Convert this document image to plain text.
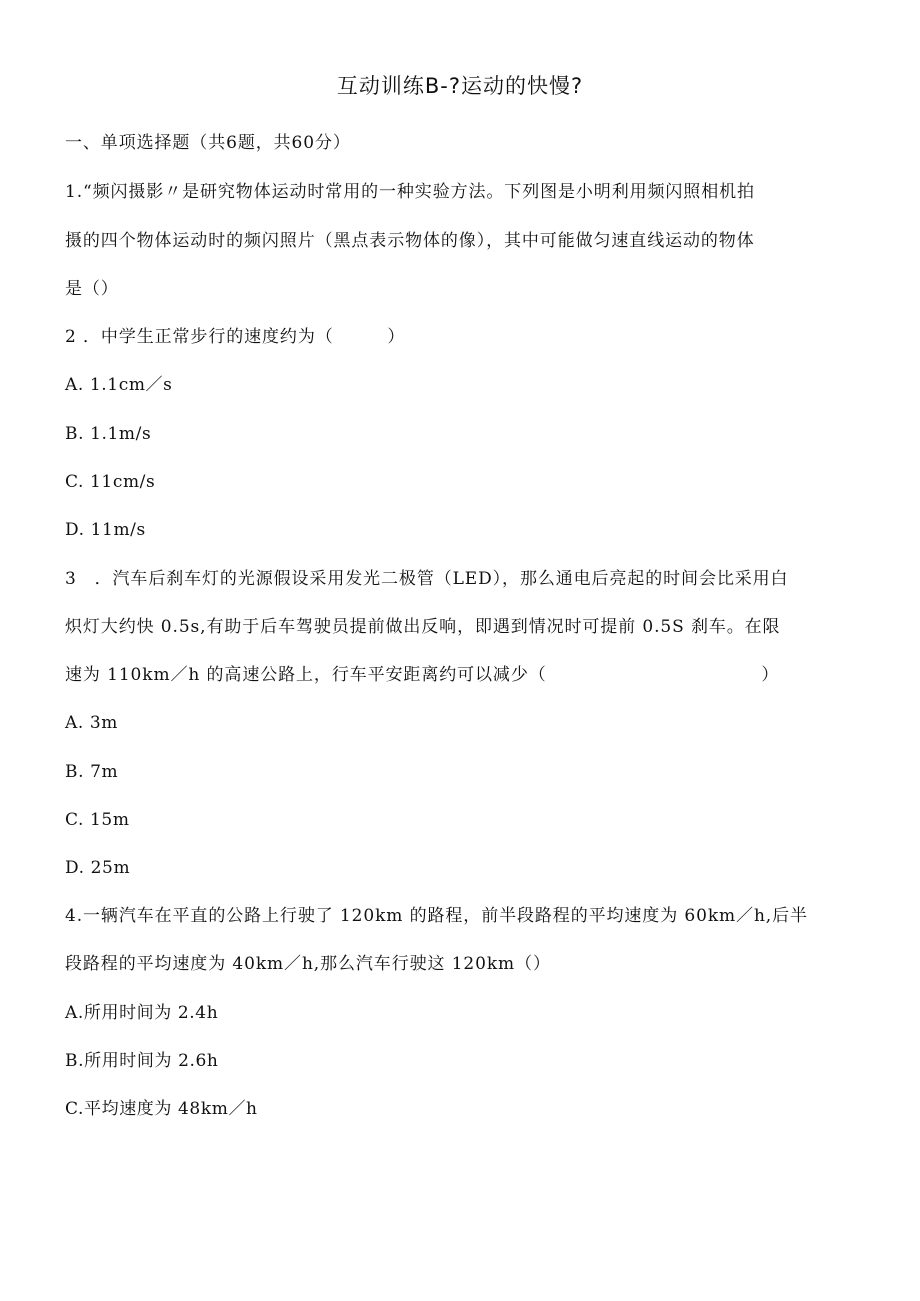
互动训练B-?运动的快慢?
一、单项选择题（共6题，共60分）
1.“频闪摄影〃是研究物体运动时常用的一种实验方法。下列图是小明利用频闪照相机拍
摄的四个物体运动时的频闪照片（黑点表示物体的像），其中可能做匀速直线运动的物体
是（）
2 ．中学生正常步行的速度约为（　　　）
A. 1.1cm／s
B. 1.1m/s
C. 11cm/s
D. 11m/s
3　．汽车后刹车灯的光源假设采用发光二极管（LED），那么通电后亮起的时间会比采用白
炽灯大约快 0.5s,有助于后车驾驶员提前做出反响，即遇到情况时可提前 0.5S 刹车。在限
速为 110km／h 的高速公路上，行车平安距离约可以减少（　　　　　　　　　　　　）
A. 3m
B. 7m
C. 15m
D. 25m
4.一辆汽车在平直的公路上行驶了 120km 的路程，前半段路程的平均速度为 60km／h,后半
段路程的平均速度为 40km／h,那么汽车行驶这 120km（）
A.所用时间为 2.4h
B.所用时间为 2.6h
C.平均速度为 48km／h
